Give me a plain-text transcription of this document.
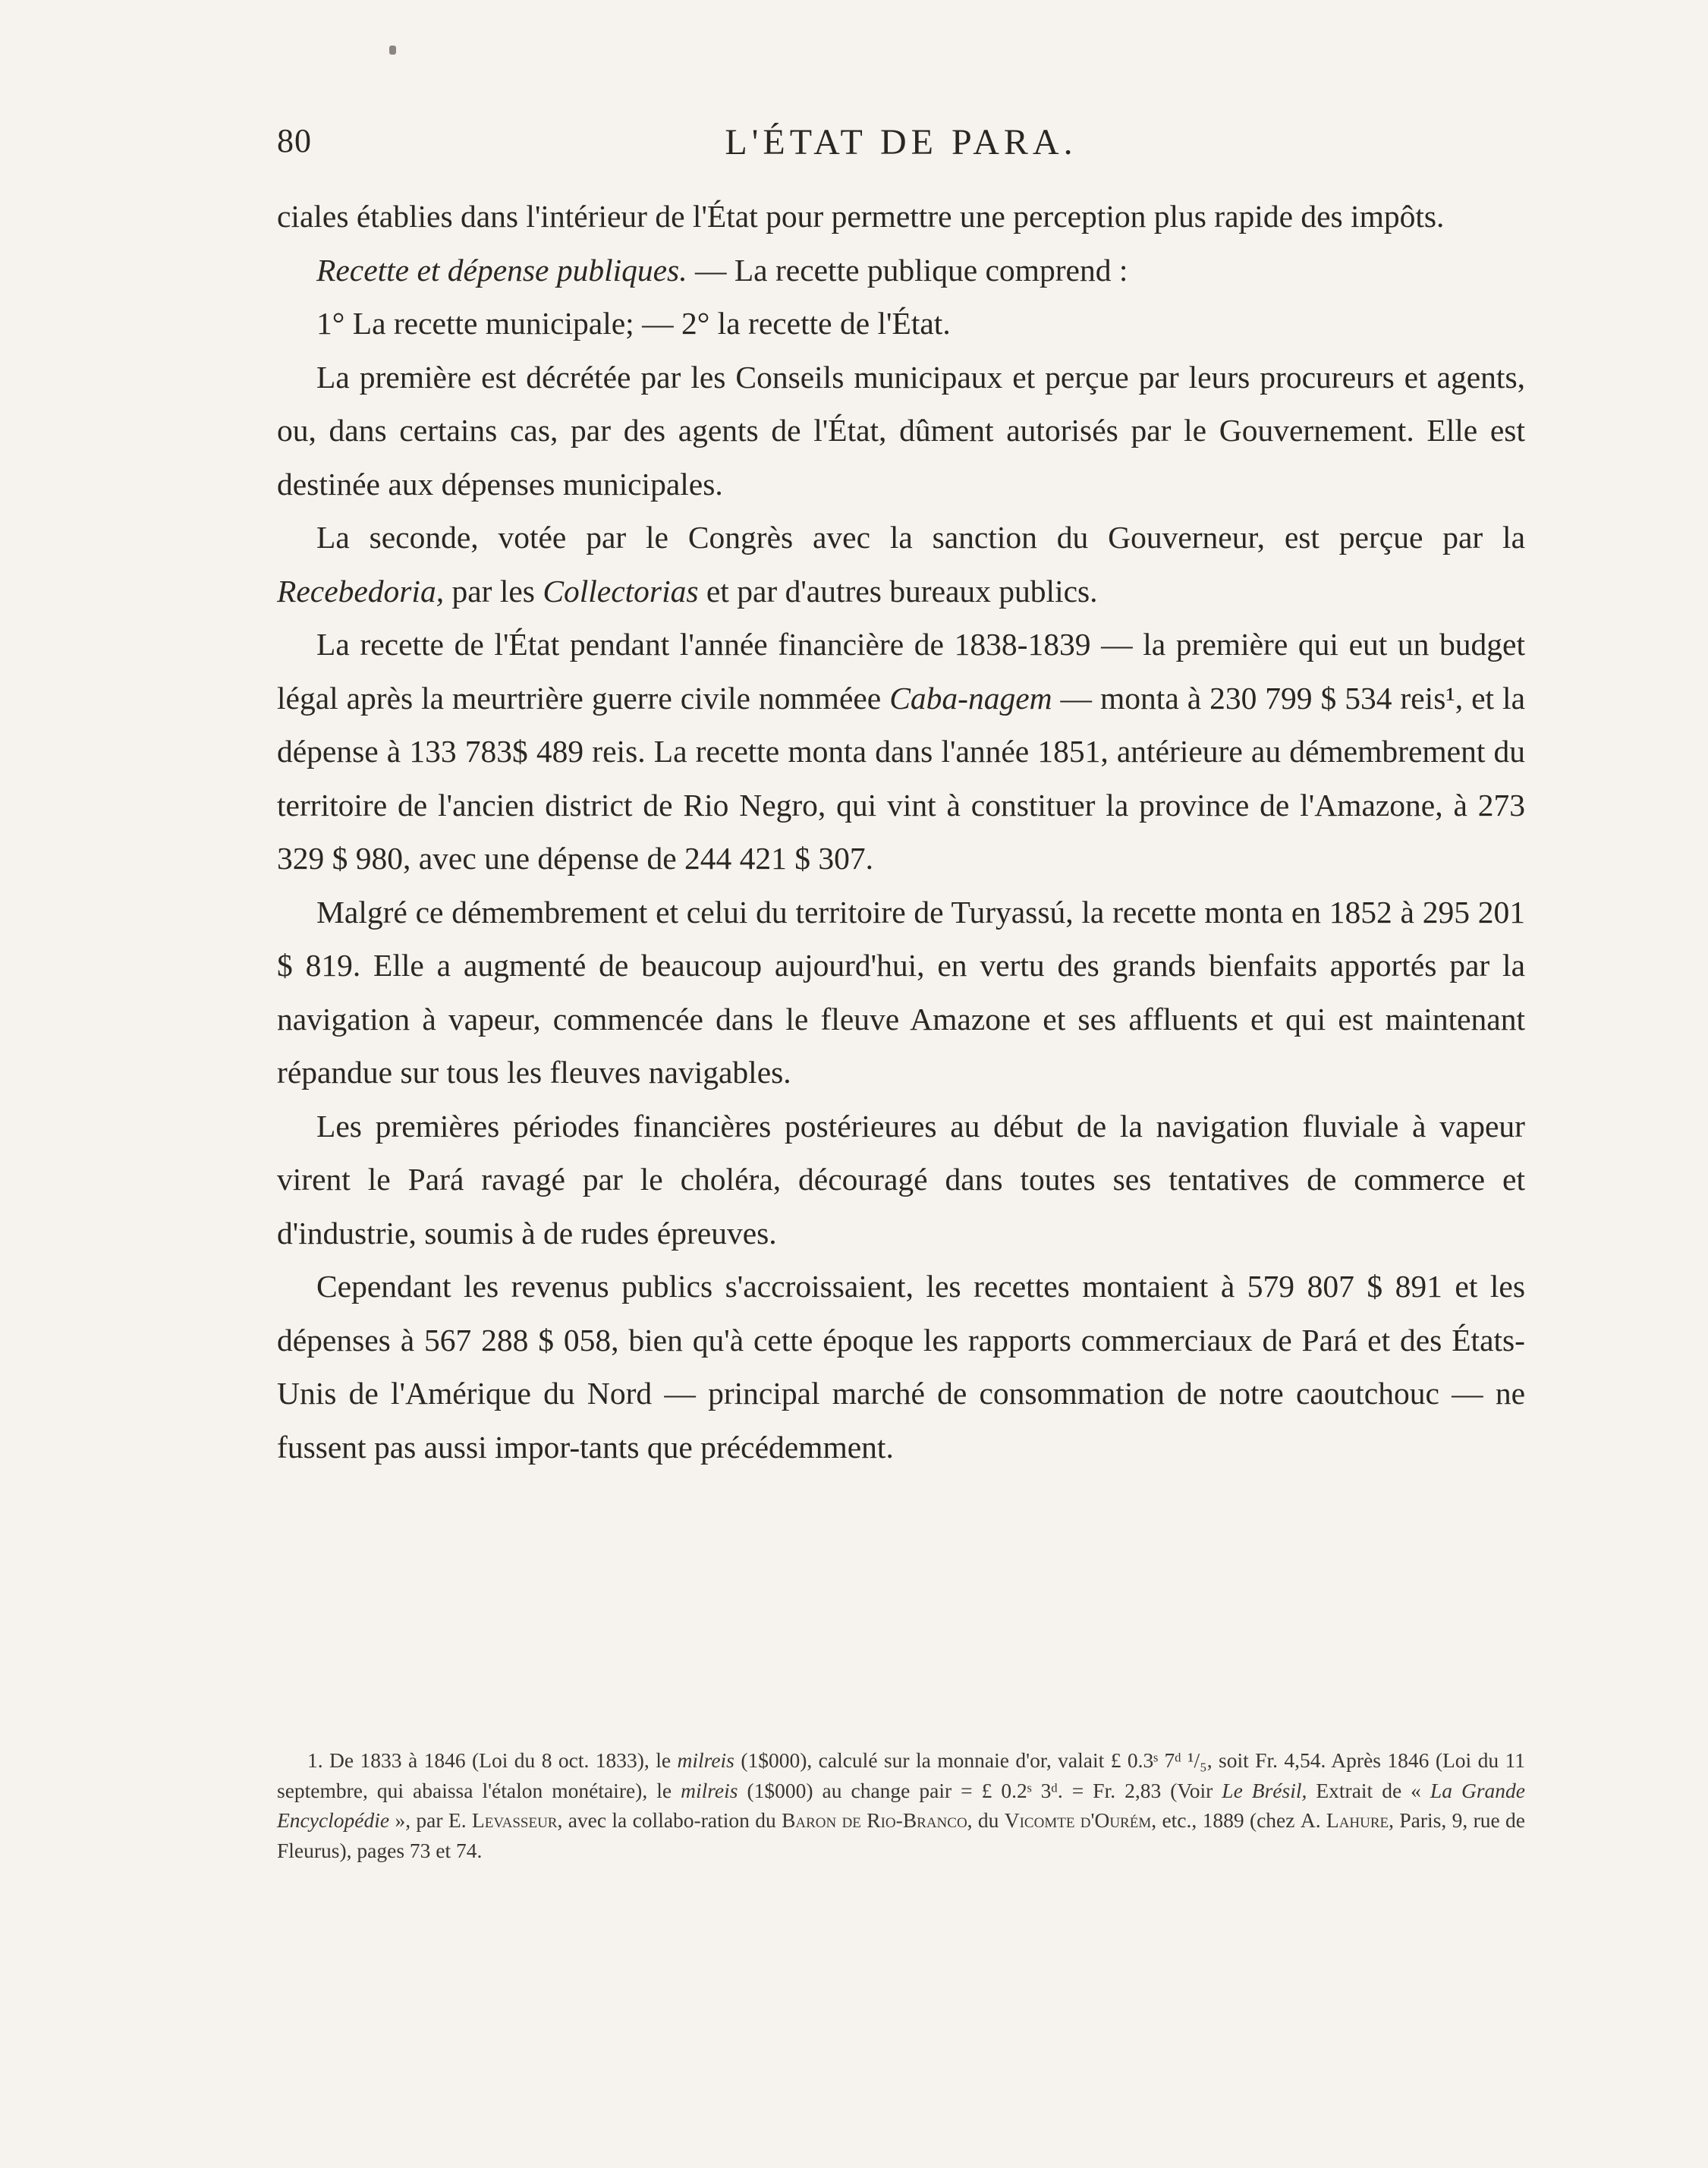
80	L'ÉTAT DE PARA.

ciales établies dans l'intérieur de l'État pour permettre une perception plus rapide des impôts.

Recette et dépense publiques. — La recette publique comprend :

1° La recette municipale; — 2° la recette de l'État.

La première est décrétée par les Conseils municipaux et perçue par leurs procureurs et agents, ou, dans certains cas, par des agents de l'État, dûment autorisés par le Gouvernement. Elle est destinée aux dépenses municipales.

La seconde, votée par le Congrès avec la sanction du Gouverneur, est perçue par la Recebedoria, par les Collectorias et par d'autres bureaux publics.

La recette de l'État pendant l'année financière de 1838-1839 — la première qui eut un budget légal après la meurtrière guerre civile nomméee Caba-nagem — monta à 230 799 $ 534 reis¹, et la dépense à 133 783$ 489 reis. La recette monta dans l'année 1851, antérieure au démembrement du territoire de l'ancien district de Rio Negro, qui vint à constituer la province de l'Amazone, à 273 329 $ 980, avec une dépense de 244 421 $ 307.

Malgré ce démembrement et celui du territoire de Turyassú, la recette monta en 1852 à 295 201 $ 819. Elle a augmenté de beaucoup aujourd'hui, en vertu des grands bienfaits apportés par la navigation à vapeur, commencée dans le fleuve Amazone et ses affluents et qui est maintenant répandue sur tous les fleuves navigables.

Les premières périodes financières postérieures au début de la navigation fluviale à vapeur virent le Pará ravagé par le choléra, découragé dans toutes ses tentatives de commerce et d'industrie, soumis à de rudes épreuves.

Cependant les revenus publics s'accroissaient, les recettes montaient à 579 807 $ 891 et les dépenses à 567 288 $ 058, bien qu'à cette époque les rapports commerciaux de Pará et des États-Unis de l'Amérique du Nord — principal marché de consommation de notre caoutchouc — ne fussent pas aussi impor-tants que précédemment.

1. De 1833 à 1846 (Loi du 8 oct. 1833), le milreis (1$000), calculé sur la monnaie d'or, valait £ 0.3ˢ 7ᵈ ¹/₅, soit Fr. 4,54. Après 1846 (Loi du 11 septembre, qui abaissa l'étalon monétaire), le milreis (1$000) au change pair = £ 0.2ˢ 3ᵈ. = Fr. 2,83 (Voir Le Brésil, Extrait de « La Grande Encyclopédie », par E. Levasseur, avec la collabo-ration du Baron de Rio-Branco, du Vicomte d'Ourém, etc., 1889 (chez A. Lahure, Paris, 9, rue de Fleurus), pages 73 et 74.
